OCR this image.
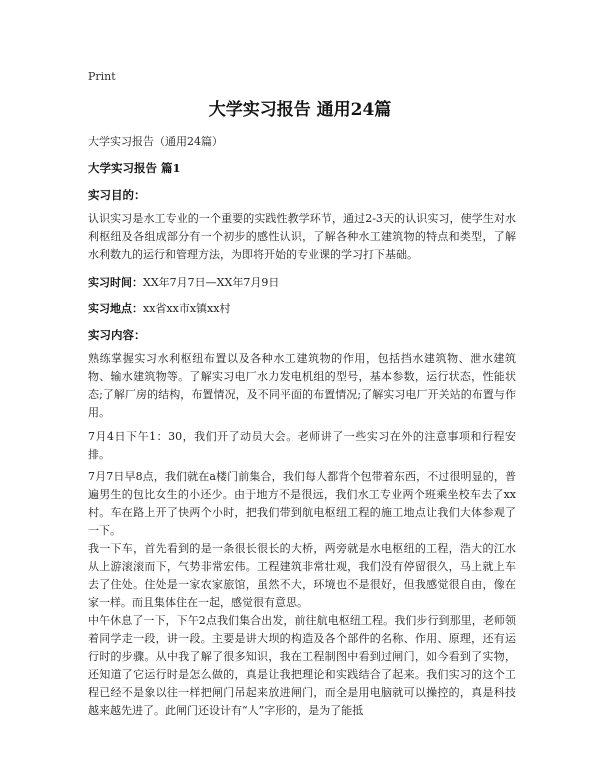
Print

大学实习报告 通用24篇

大学实习报告（通用24篇）

大学实习报告 篇1

实习目的：

认识实习是水工专业的一个重要的实践性教学环节，通过2-3天的认识实习，使学生对水利枢纽及各组成部分有一个初步的感性认识，了解各种水工建筑物的特点和类型，了解水利数九的运行和管理方法，为即将开始的专业课的学习打下基础。

实习时间：XX年7月7日—XX年7月9日

实习地点：xx省xx市x镇xx村

实习内容：

熟练掌握实习水利枢纽布置以及各种水工建筑物的作用，包括挡水建筑物、泄水建筑物、输水建筑物等。了解实习电厂水力发电机组的型号，基本参数，运行状态，性能状态;了解厂房的结构，布置情况，及不同平面的布置情况;了解实习电厂开关站的布置与作用。

7月4日下午1：30，我们开了动员大会。老师讲了一些实习在外的注意事项和行程安排。

7月7日早8点，我们就在a楼门前集合，我们每人都背个包带着东西，不过很明显的，普遍男生的包比女生的小还少。由于地方不是很远，我们水工专业两个班乘坐校车去了xx村。车在路上开了快两个小时，把我们带到航电枢纽工程的施工地点让我们大体参观了一下。

我一下车，首先看到的是一条很长很长的大桥，两旁就是水电枢纽的工程，浩大的江水从上游滚滚而下，气势非常宏伟。工程建筑非常壮观，我们没有停留很久，马上就上车去了住处。住处是一家农家旅馆，虽然不大，环境也不是很好，但我感觉很自由，像在家一样。而且集体住在一起，感觉很有意思。

中午休息了一下，下午2点我们集合出发，前往航电枢纽工程。我们步行到那里，老师领着同学走一段，讲一段。主要是讲大坝的构造及各个部件的名称、作用、原理，还有运行时的步骤。从中我了解了很多知识，我在工程制图中看到过闸门，如今看到了实物，还知道了它运行时是怎么做的，真是让我把理论和实践结合了起来。我们实习的这个工程已经不是象以往一样把闸门吊起来放进闸门，而全是用电脑就可以操控的，真是科技越来越先进了。此闸门还设计有“人”字形的，是为了能抵
